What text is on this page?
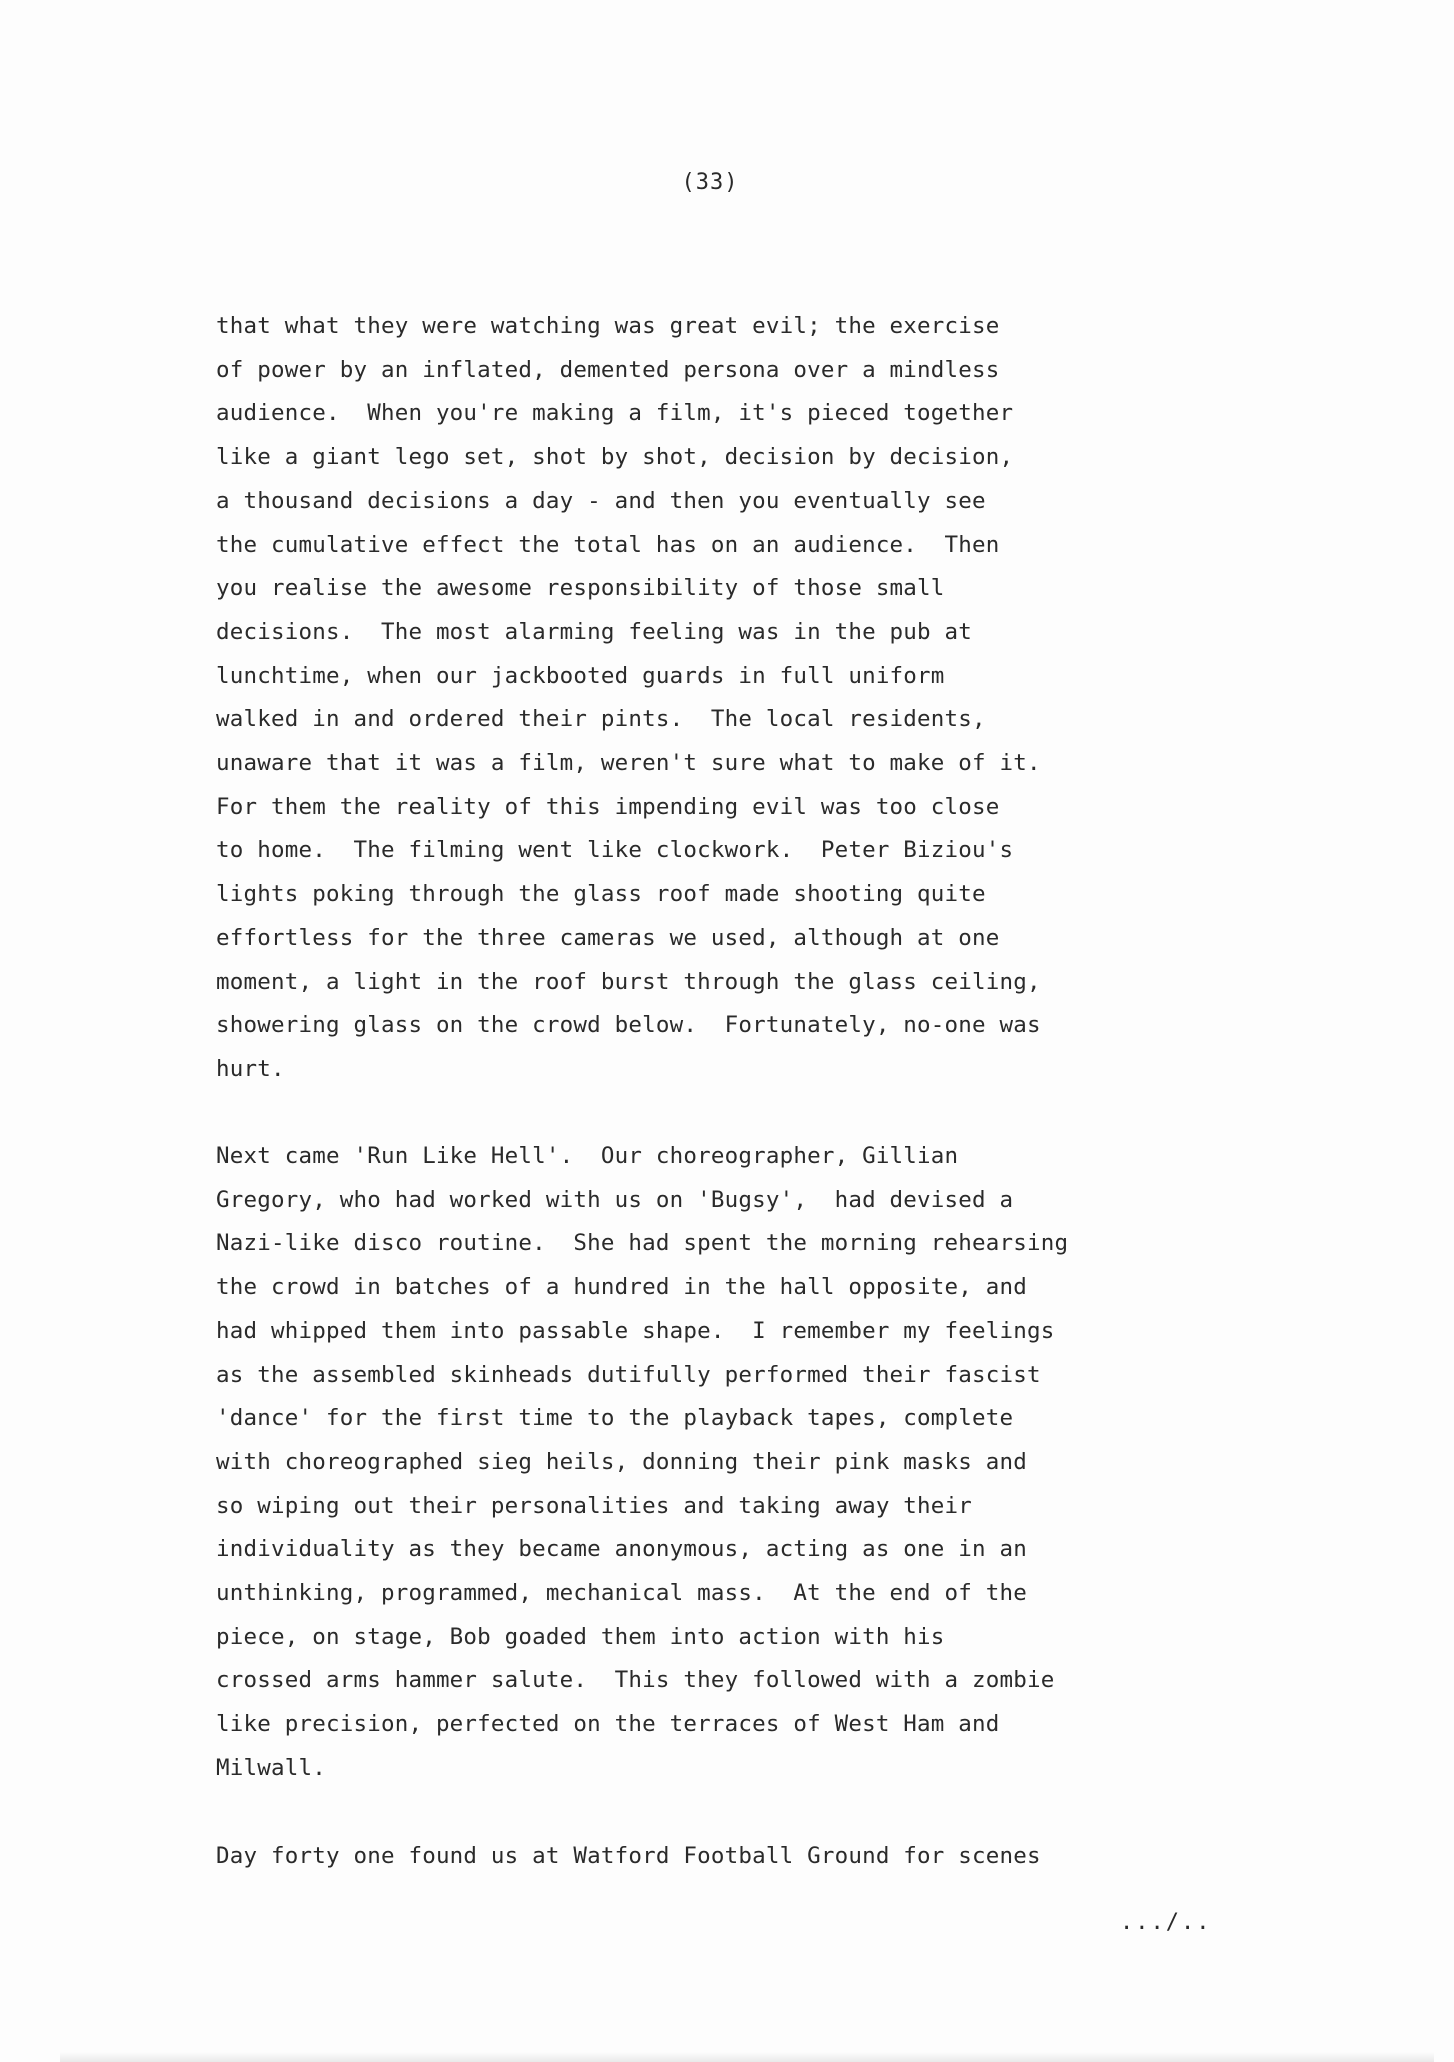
(33)
that what they were watching was great evil; the exercise
of power by an inflated, demented persona over a mindless
audience.  When you're making a film, it's pieced together
like a giant lego set, shot by shot, decision by decision,
a thousand decisions a day - and then you eventually see
the cumulative effect the total has on an audience.  Then
you realise the awesome responsibility of those small
decisions.  The most alarming feeling was in the pub at
lunchtime, when our jackbooted guards in full uniform
walked in and ordered their pints.  The local residents,
unaware that it was a film, weren't sure what to make of it.
For them the reality of this impending evil was too close
to home.  The filming went like clockwork.  Peter Biziou's
lights poking through the glass roof made shooting quite
effortless for the three cameras we used, although at one
moment, a light in the roof burst through the glass ceiling,
showering glass on the crowd below.  Fortunately, no-one was
hurt.
Next came 'Run Like Hell'.  Our choreographer, Gillian
Gregory, who had worked with us on 'Bugsy',  had devised a
Nazi-like disco routine.  She had spent the morning rehearsing
the crowd in batches of a hundred in the hall opposite, and
had whipped them into passable shape.  I remember my feelings
as the assembled skinheads dutifully performed their fascist
'dance' for the first time to the playback tapes, complete
with choreographed sieg heils, donning their pink masks and
so wiping out their personalities and taking away their
individuality as they became anonymous, acting as one in an
unthinking, programmed, mechanical mass.  At the end of the
piece, on stage, Bob goaded them into action with his
crossed arms hammer salute.  This they followed with a zombie
like precision, perfected on the terraces of West Ham and
Milwall.
Day forty one found us at Watford Football Ground for scenes
.../..
